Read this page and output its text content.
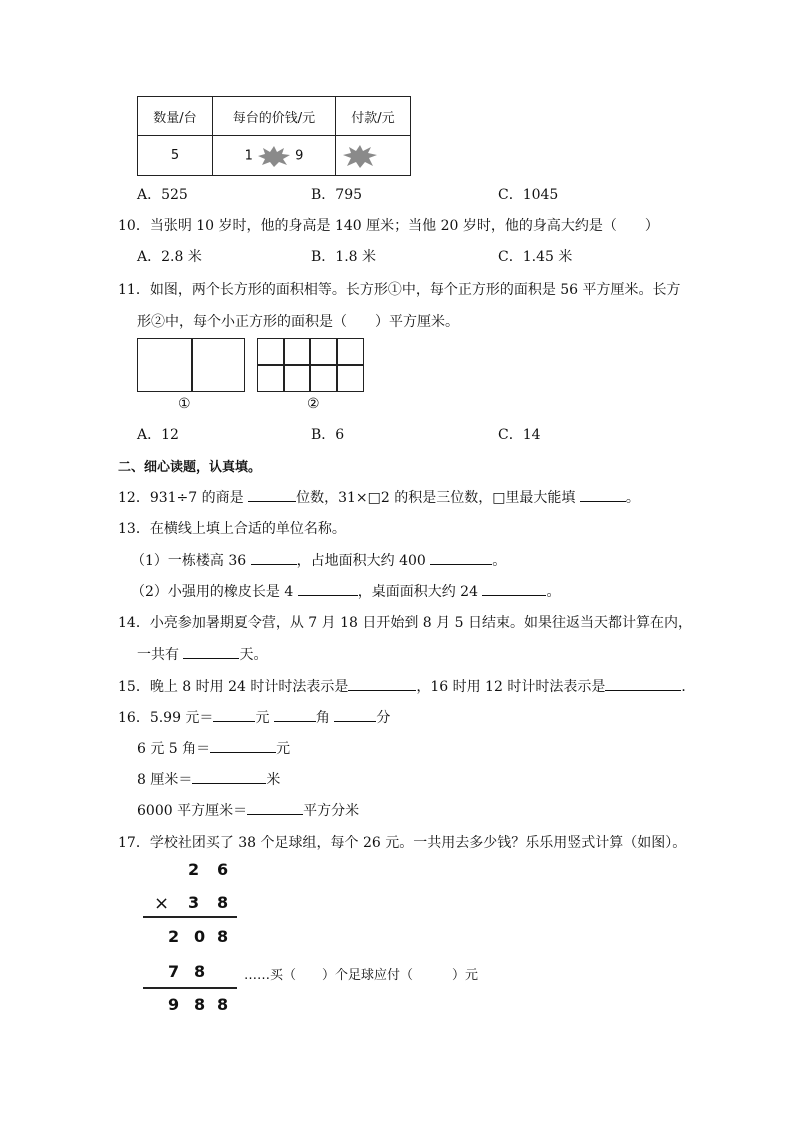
数量/台	每台的价钱/元	付款/元
5	1 9	
A．525	B．795	C．1045
10．当张明 10 岁时，他的身高是 140 厘米；当他 20 岁时，他的身高大约是（　　）
A．2.8 米	B．1.8 米	C．1.45 米
11．如图，两个长方形的面积相等。长方形①中，每个正方形的面积是 56 平方厘米。长方
形②中，每个小正方形的面积是（　　）平方厘米。
①	②
A．12	B．6	C．14
二、细心读题，认真填。
12．931÷7 的商是	位数，31×□2 的积是三位数，□里最大能填	。
13．在横线上填上合适的单位名称。
（1）一栋楼高 36	，占地面积大约 400	。
（2）小强用的橡皮长是 4	，桌面面积大约 24	。
14．小亮参加暑期夏令营，从 7 月 18 日开始到 8 月 5 日结束。如果往返当天都计算在内，
一共有	天。
15．晚上 8 时用 24 时计时法表示是	，16 时用 12 时计时法表示是	．
16．5.99 元＝	元	角	分
6 元 5 角＝	元
8 厘米＝	米
6000 平方厘米＝	平方分米
17．学校社团买了 38 个足球组，每个 26 元。一共用去多少钱？乐乐用竖式计算（如图）。
2 6
× 3 8
2 0 8
7 8	……买（　　）个足球应付（　　　）元
9 8 8
